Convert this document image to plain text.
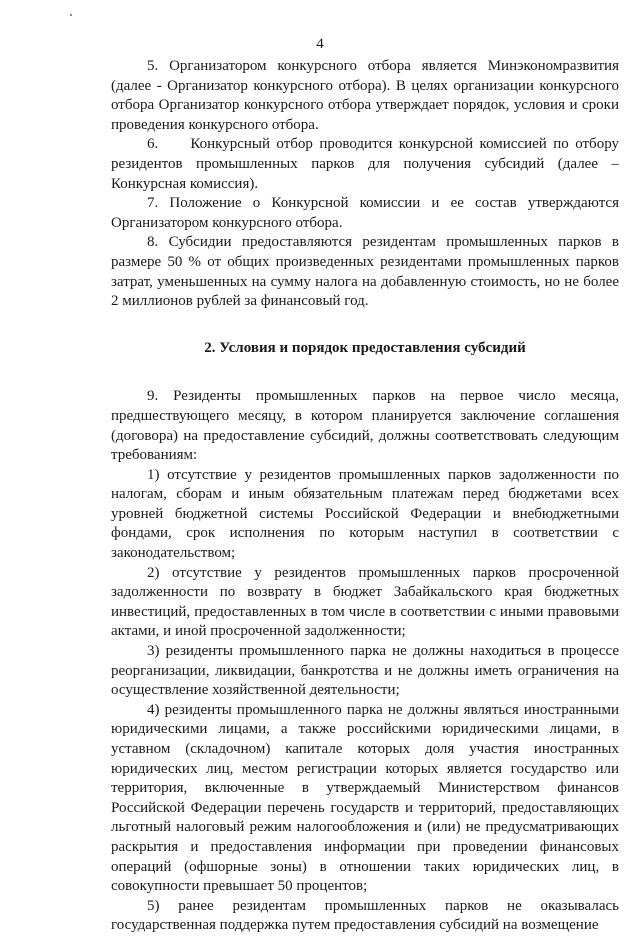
4

5. Организатором конкурсного отбора является Минэкономразвития (далее - Организатор конкурсного отбора). В целях организации конкурсного отбора Организатор конкурсного отбора утверждает порядок, условия и сроки проведения конкурсного отбора.

6.     Конкурсный отбор проводится конкурсной комиссией по отбору резидентов промышленных парков для получения субсидий (далее – Конкурсная комиссия).

7. Положение о Конкурсной комиссии и ее состав утверждаются Организатором конкурсного отбора.

8. Субсидии предоставляются резидентам промышленных парков в размере 50 % от общих произведенных резидентами промышленных парков затрат, уменьшенных на сумму налога на добавленную стоимость, но не более 2 миллионов рублей за финансовый год.

2. Условия и порядок предоставления субсидий

9. Резиденты промышленных парков на первое число месяца, предшествующего месяцу, в котором планируется заключение соглашения (договора) на предоставление субсидий, должны соответствовать следующим требованиям:

1) отсутствие у резидентов промышленных парков задолженности по налогам, сборам и иным обязательным платежам перед бюджетами всех уровней бюджетной системы Российской Федерации и внебюджетными фондами, срок исполнения по которым наступил в соответствии с законодательством;

2) отсутствие у резидентов промышленных парков просроченной задолженности по возврату в бюджет Забайкальского края бюджетных инвестиций, предоставленных в том числе в соответствии с иными правовыми актами, и иной просроченной задолженности;

3) резиденты промышленного парка не должны находиться в процессе реорганизации, ликвидации, банкротства и не должны иметь ограничения на осуществление хозяйственной деятельности;

4) резиденты промышленного парка не должны являться иностранными юридическими лицами, а также российскими юридическими лицами, в уставном (складочном) капитале которых доля участия иностранных юридических лиц, местом регистрации которых является государство или территория, включенные в утверждаемый Министерством финансов Российской Федерации перечень государств и территорий, предоставляющих льготный налоговый режим налогообложения и (или) не предусматривающих раскрытия и предоставления информации при проведении финансовых операций (офшорные зоны) в отношении таких юридических лиц, в совокупности превышает 50 процентов;

5) ранее резидентам промышленных парков не оказывалась государственная поддержка путем предоставления субсидий на возмещение
